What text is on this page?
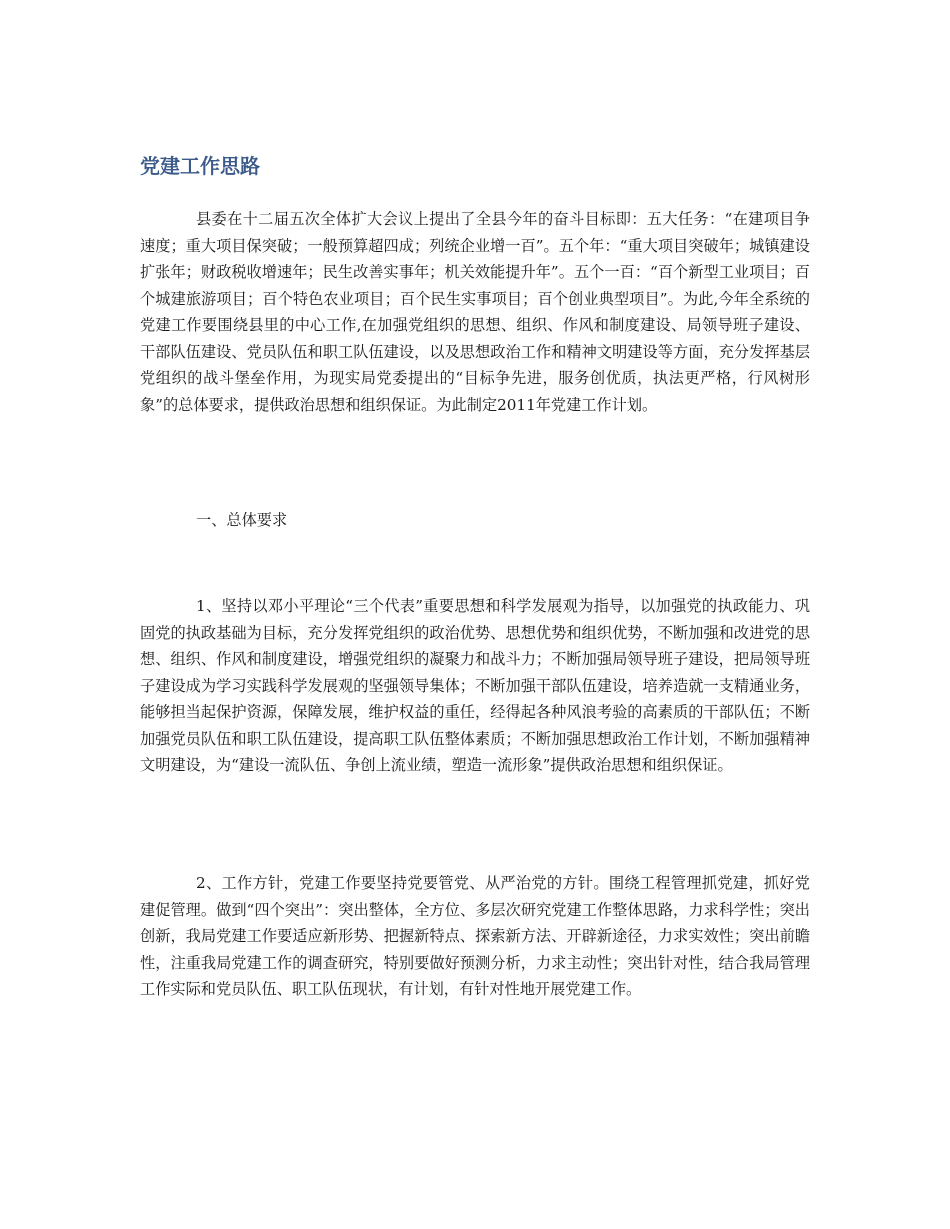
党建工作思路

县委在十二届五次全体扩大会议上提出了全县今年的奋斗目标即：五大任务：“在建项目争速度；重大项目保突破；一般预算超四成；列统企业增一百”。五个年：“重大项目突破年；城镇建设扩张年；财政税收增速年；民生改善实事年；机关效能提升年”。五个一百：“百个新型工业项目；百个城建旅游项目；百个特色农业项目；百个民生实事项目；百个创业典型项目”。为此,今年全系统的党建工作要围绕县里的中心工作,在加强党组织的思想、组织、作风和制度建设、局领导班子建设、干部队伍建设、党员队伍和职工队伍建设，以及思想政治工作和精神文明建设等方面，充分发挥基层党组织的战斗堡垒作用，为现实局党委提出的“目标争先进，服务创优质，执法更严格，行风树形象”的总体要求，提供政治思想和组织保证。为此制定2011年党建工作计划。

一、总体要求

1、坚持以邓小平理论“三个代表”重要思想和科学发展观为指导，以加强党的执政能力、巩固党的执政基础为目标，充分发挥党组织的政治优势、思想优势和组织优势，不断加强和改进党的思想、组织、作风和制度建设，增强党组织的凝聚力和战斗力；不断加强局领导班子建设，把局领导班子建设成为学习实践科学发展观的坚强领导集体；不断加强干部队伍建设，培养造就一支精通业务，能够担当起保护资源，保障发展，维护权益的重任，经得起各种风浪考验的高素质的干部队伍；不断加强党员队伍和职工队伍建设，提高职工队伍整体素质；不断加强思想政治工作计划，不断加强精神文明建设，为“建设一流队伍、争创上流业绩，塑造一流形象”提供政治思想和组织保证。

2、工作方针，党建工作要坚持党要管党、从严治党的方针。围绕工程管理抓党建，抓好党建促管理。做到“四个突出”：突出整体，全方位、多层次研究党建工作整体思路，力求科学性；突出创新，我局党建工作要适应新形势、把握新特点、探索新方法、开辟新途径，力求实效性；突出前瞻性，注重我局党建工作的调查研究，特别要做好预测分析，力求主动性；突出针对性，结合我局管理工作实际和党员队伍、职工队伍现状，有计划，有针对性地开展党建工作。
